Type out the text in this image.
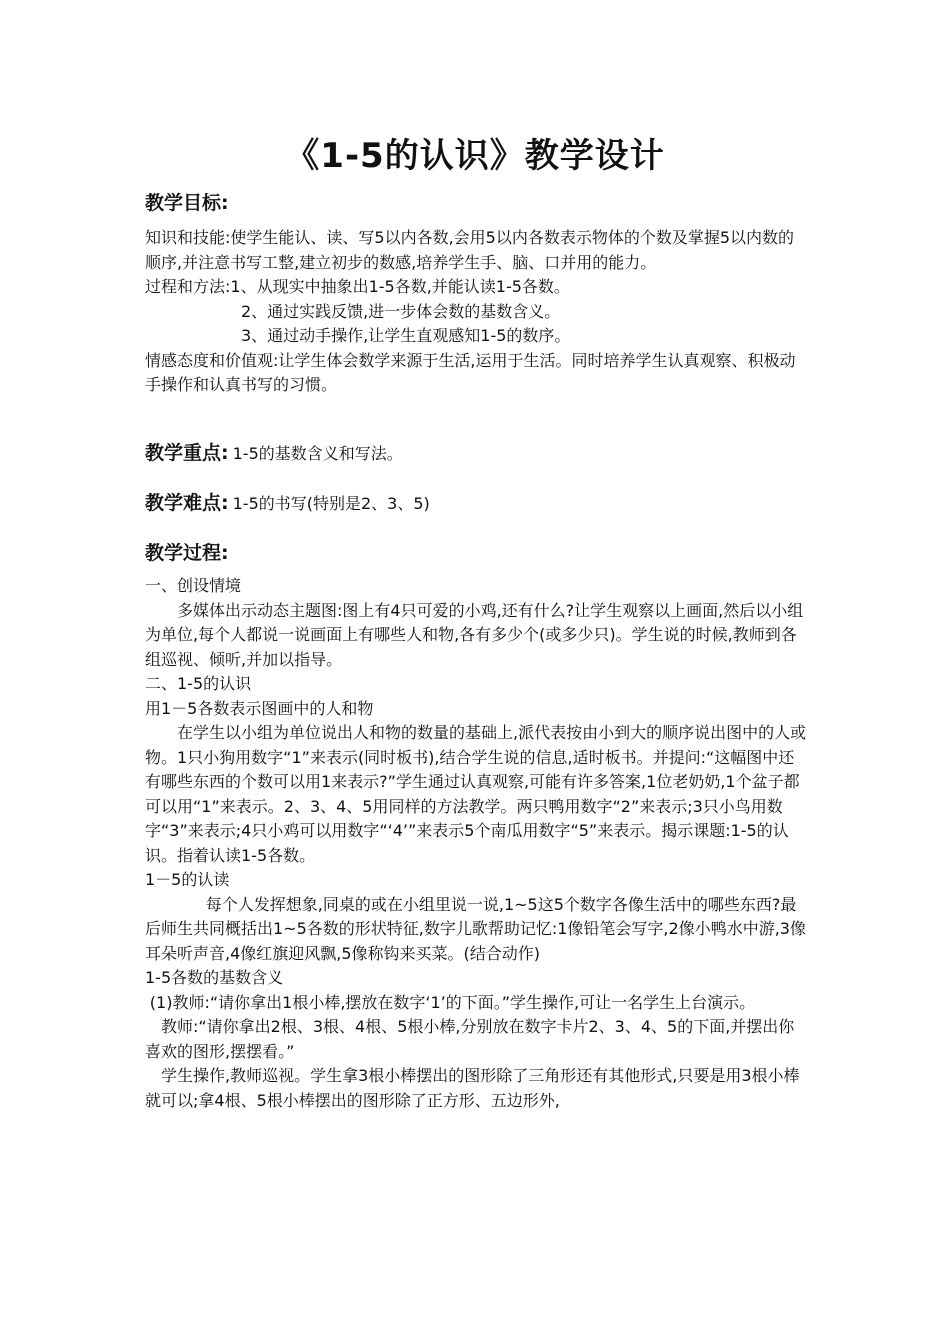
《1-5的认识》教学设计
教学目标:

知识和技能:使学生能认、读、写5以内各数,会用5以内各数表示物体的个数及掌握5以内数的顺序,并注意书写工整,建立初步的数感,培养学生手、脑、口并用的能力。

过程和方法:1、从现实中抽象出1-5各数,并能认读1-5各数。

2、通过实践反馈,进一步体会数的基数含义。

3、通过动手操作,让学生直观感知1-5的数序。

情感态度和价值观:让学生体会数学来源于生活,运用于生活。同时培养学生认真观察、积极动手操作和认真书写的习惯。

教学重点: 1-5的基数含义和写法。
教学难点: 1-5的书写(特别是2、3、5)
教学过程:

一、创设情境

多媒体出示动态主题图:图上有4只可爱的小鸡,还有什么?让学生观察以上画面,然后以小组为单位,每个人都说一说画面上有哪些人和物,各有多少个(或多少只)。学生说的时候,教师到各组巡视、倾听,并加以指导。

二、1-5的认识

用1－5各数表示图画中的人和物

在学生以小组为单位说出人和物的数量的基础上,派代表按由小到大的顺序说出图中的人或物。1只小狗用数字“1”来表示(同时板书),结合学生说的信息,适时板书。并提问:“这幅图中还有哪些东西的个数可以用1来表示?”学生通过认真观察,可能有许多答案,1位老奶奶,1个盆子都可以用“1”来表示。2、3、4、5用同样的方法教学。两只鸭用数字“2”来表示;3只小鸟用数字“3”来表示;4只小鸡可以用数字“‘4’”来表示5个南瓜用数字“5”来表示。揭示课题:1-5的认识。指着认读1-5各数。

1－5的认读

每个人发挥想象,同桌的或在小组里说一说,1~5这5个数字各像生活中的哪些东西?最后师生共同概括出1~5各数的形状特征,数字儿歌帮助记忆:1像铅笔会写字,2像小鸭水中游,3像耳朵听声音,4像红旗迎风飘,5像称钩来买菜。(结合动作)

1-5各数的基数含义

(1)教师:“请你拿出1根小棒,摆放在数字‘1’的下面。”学生操作,可让一名学生上台演示。

教师:“请你拿出2根、3根、4根、5根小棒,分别放在数字卡片2、3、4、5的下面,并摆出你喜欢的图形,摆摆看。”

学生操作,教师巡视。学生拿3根小棒摆出的图形除了三角形还有其他形式,只要是用3根小棒就可以;拿4根、5根小棒摆出的图形除了正方形、五边形外,
